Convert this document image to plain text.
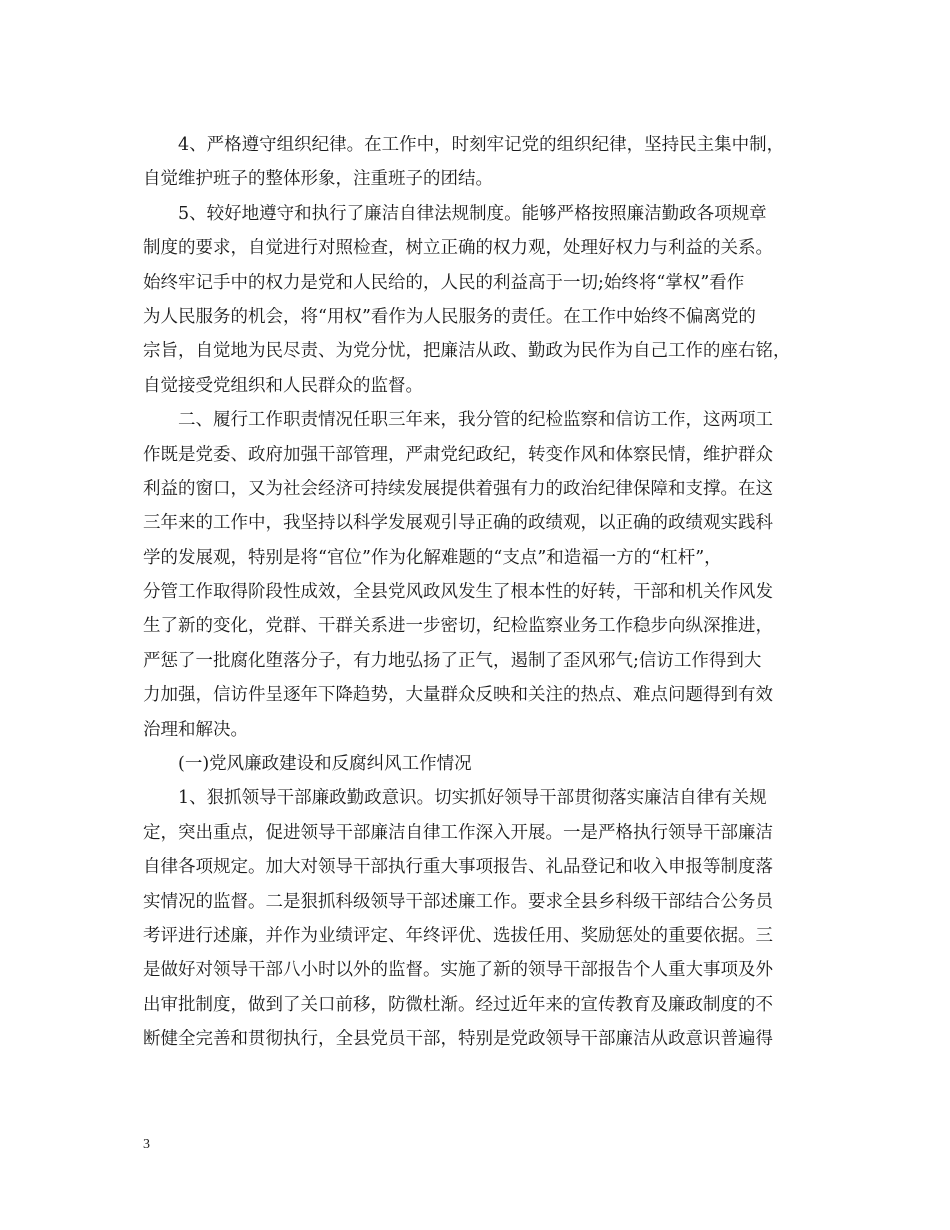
4、严格遵守组织纪律。在工作中，时刻牢记党的组织纪律，坚持民主集中制，
自觉维护班子的整体形象，注重班子的团结。
5、较好地遵守和执行了廉洁自律法规制度。能够严格按照廉洁勤政各项规章
制度的要求，自觉进行对照检查，树立正确的权力观，处理好权力与利益的关系。
始终牢记手中的权力是党和人民给的，人民的利益高于一切;始终将“掌权”看作
为人民服务的机会，将“用权”看作为人民服务的责任。在工作中始终不偏离党的
宗旨，自觉地为民尽责、为党分忧，把廉洁从政、勤政为民作为自己工作的座右铭，
自觉接受党组织和人民群众的监督。
二、履行工作职责情况任职三年来，我分管的纪检监察和信访工作，这两项工
作既是党委、政府加强干部管理，严肃党纪政纪，转变作风和体察民情，维护群众
利益的窗口，又为社会经济可持续发展提供着强有力的政治纪律保障和支撑。在这
三年来的工作中，我坚持以科学发展观引导正确的政绩观，以正确的政绩观实践科
学的发展观，特别是将“官位”作为化解难题的“支点”和造福一方的“杠杆”，
分管工作取得阶段性成效，全县党风政风发生了根本性的好转，干部和机关作风发
生了新的变化，党群、干群关系进一步密切，纪检监察业务工作稳步向纵深推进，
严惩了一批腐化堕落分子，有力地弘扬了正气，遏制了歪风邪气;信访工作得到大
力加强，信访件呈逐年下降趋势，大量群众反映和关注的热点、难点问题得到有效
治理和解决。
(一)党风廉政建设和反腐纠风工作情况
1、狠抓领导干部廉政勤政意识。切实抓好领导干部贯彻落实廉洁自律有关规
定，突出重点，促进领导干部廉洁自律工作深入开展。一是严格执行领导干部廉洁
自律各项规定。加大对领导干部执行重大事项报告、礼品登记和收入申报等制度落
实情况的监督。二是狠抓科级领导干部述廉工作。要求全县乡科级干部结合公务员
考评进行述廉，并作为业绩评定、年终评优、选拔任用、奖励惩处的重要依据。三
是做好对领导干部八小时以外的监督。实施了新的领导干部报告个人重大事项及外
出审批制度，做到了关口前移，防微杜渐。经过近年来的宣传教育及廉政制度的不
断健全完善和贯彻执行，全县党员干部，特别是党政领导干部廉洁从政意识普遍得
3
